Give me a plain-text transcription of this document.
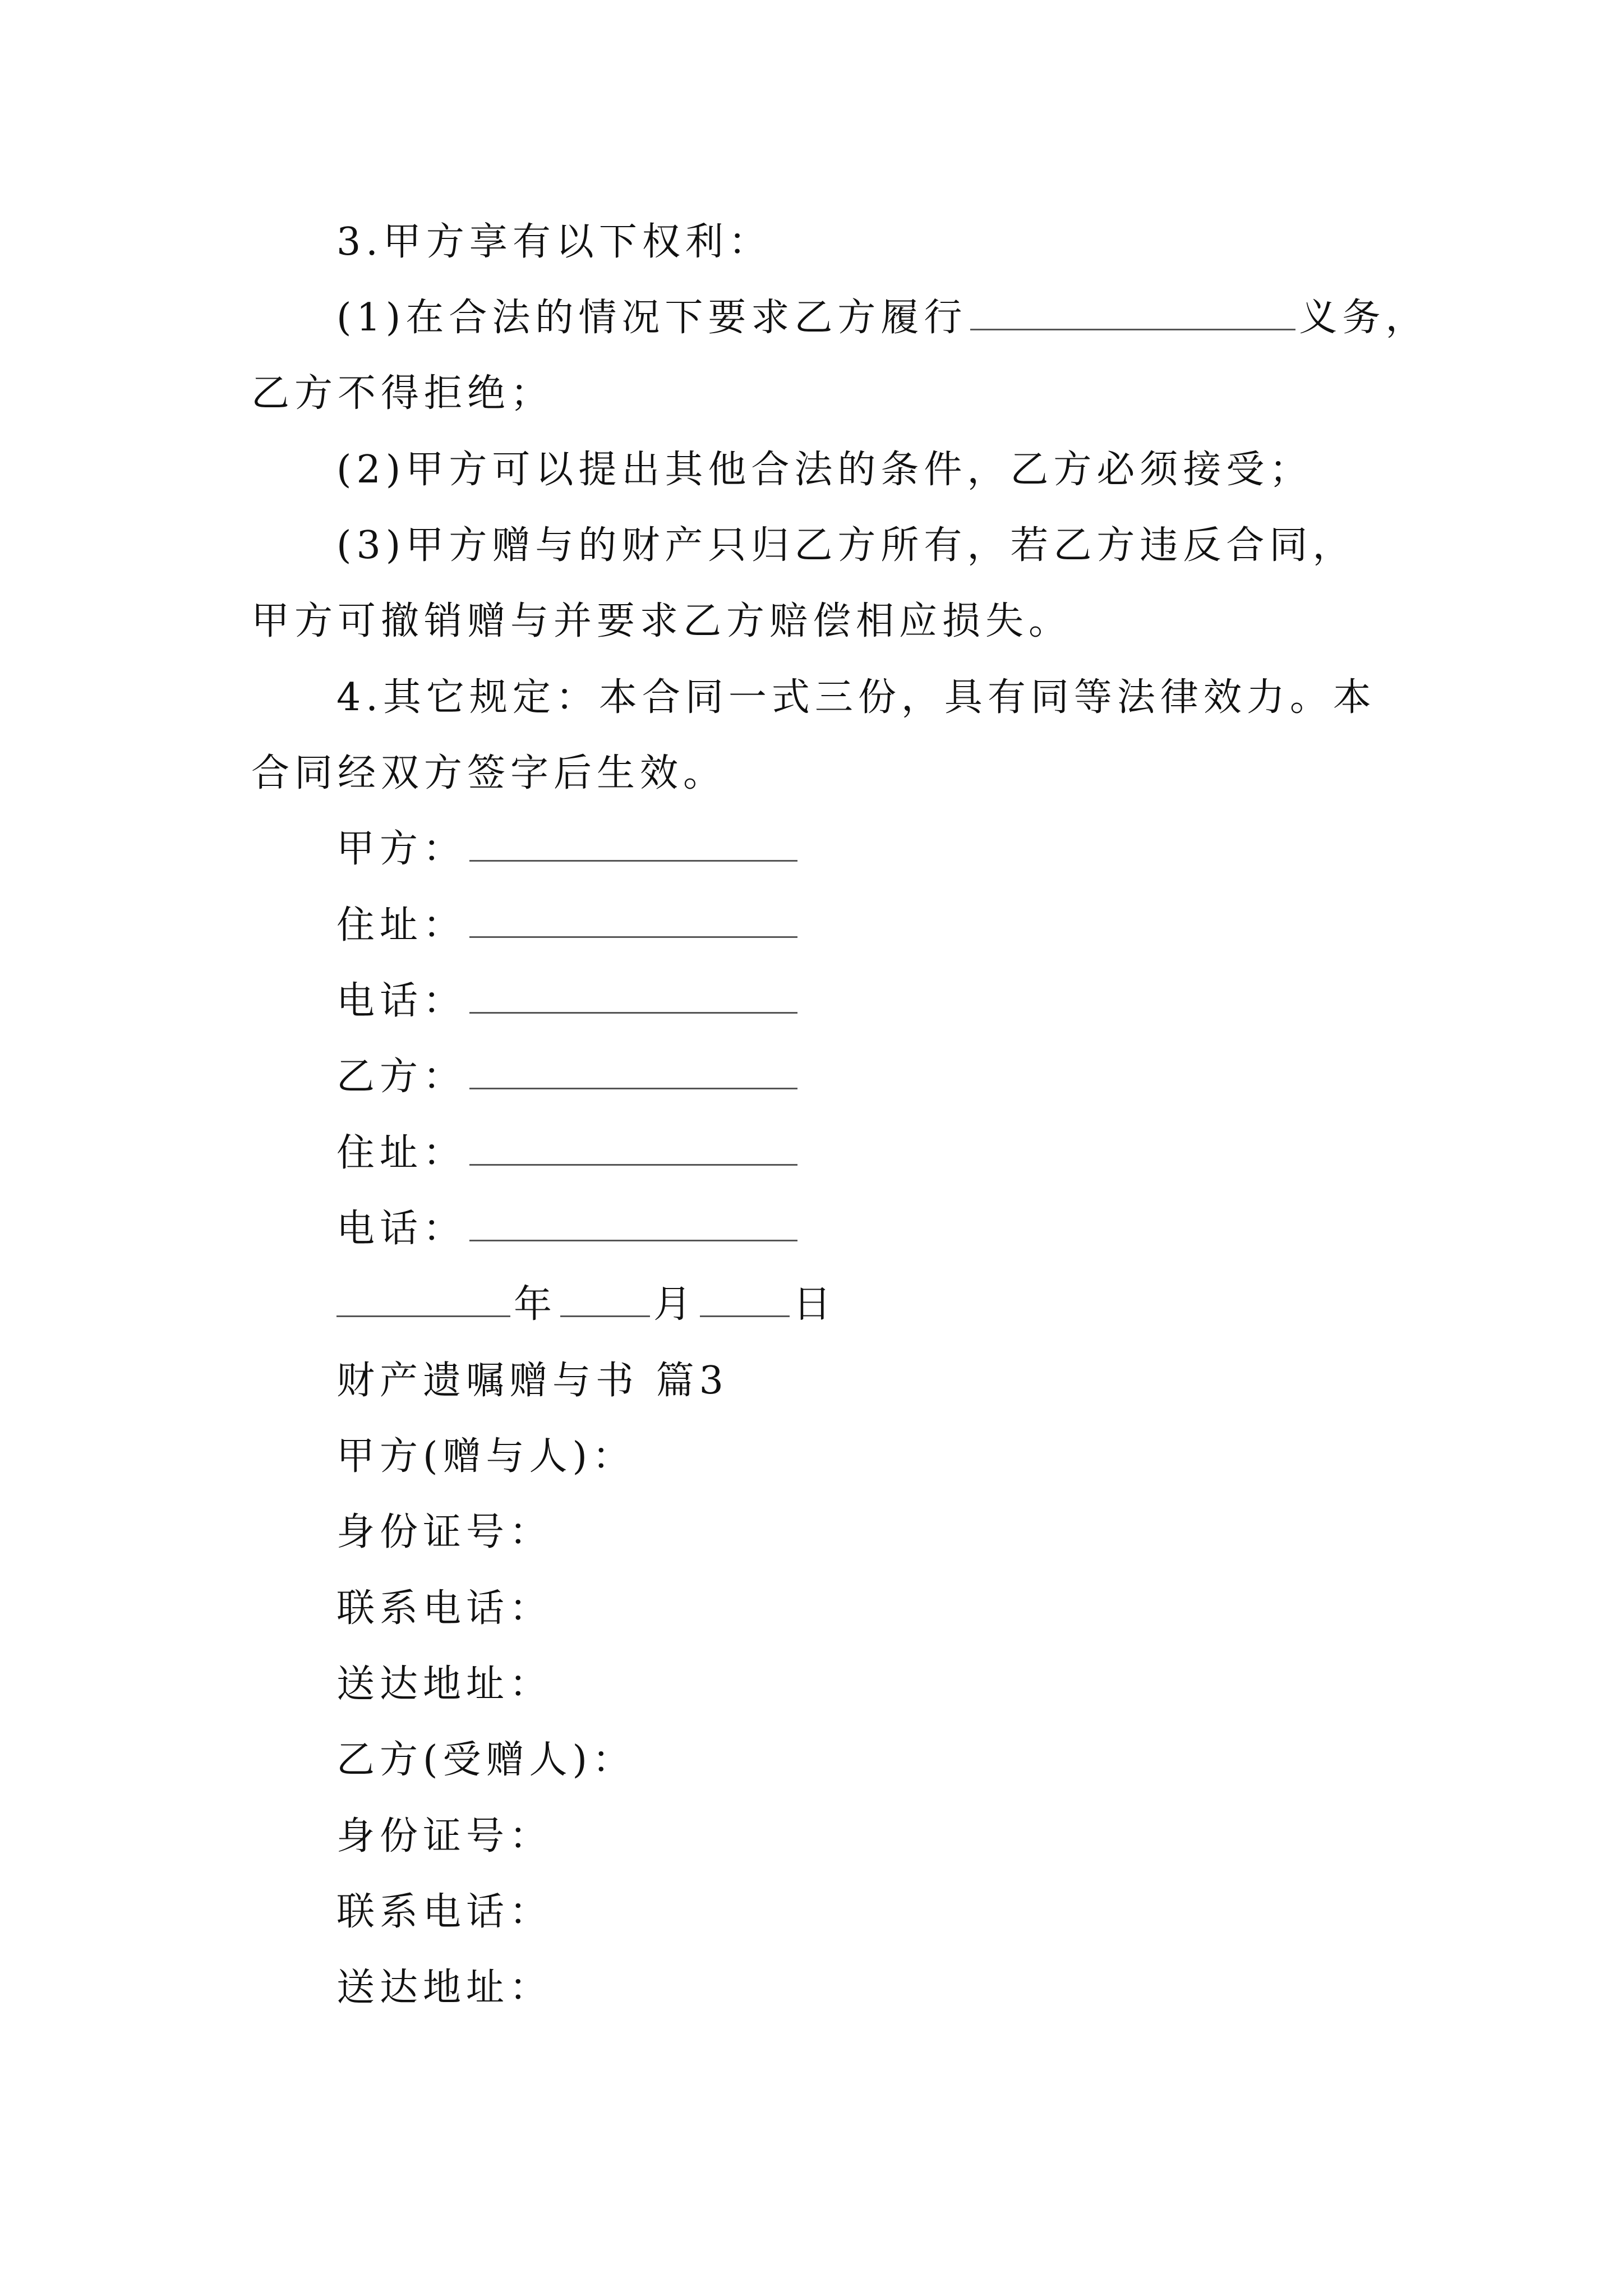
3.甲方享有以下权利：
(1)在合法的情况下要求乙方履行	义务，
乙方不得拒绝；
(2)甲方可以提出其他合法的条件，乙方必须接受；
(3)甲方赠与的财产只归乙方所有，若乙方违反合同，
甲方可撤销赠与并要求乙方赔偿相应损失。
4.其它规定：本合同一式三份，具有同等法律效力。本
合同经双方签字后生效。
甲方：
住址：
电话：
乙方：
住址：
电话：
年	月	日
财产遗嘱赠与书 篇3
甲方(赠与人)：
身份证号：
联系电话：
送达地址：
乙方(受赠人)：
身份证号：
联系电话：
送达地址：
